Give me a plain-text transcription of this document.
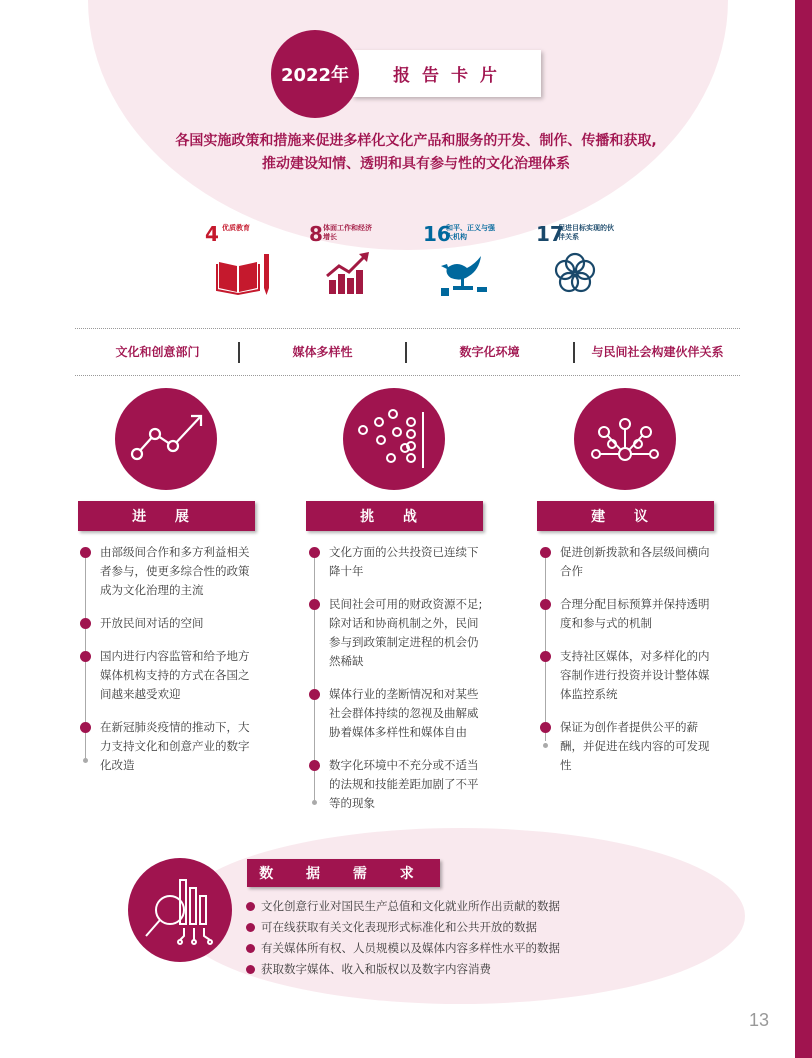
报 告 卡 片
2022年
各国实施政策和措施来促进多样化文化产品和服务的开发、制作、传播和获取,
推动建设知情、透明和具有参与性的文化治理体系
4 优质教育	8 体面工作和经济增长	16
和平、正义与强大机构	17
促进目标实现的伙伴关系
文化和创意部门	媒体多样性	数字化环境	与民间社会构建伙伴关系
进 展	挑 战	建 议
由部级间合作和多方利益相关者参与，使更多综合性的政策成为文化治理的主流
开放民间对话的空间
国内进行内容监管和给予地方媒体机构支持的方式在各国之间越来越受欢迎
在新冠肺炎疫情的推动下，大力支持文化和创意产业的数字化改造
文化方面的公共投资已连续下降十年
民间社会可用的财政资源不足;除对话和协商机制之外，民间参与到政策制定进程的机会仍然稀缺
媒体行业的垄断情况和对某些社会群体持续的忽视及曲解威胁着媒体多样性和媒体自由
数字化环境中不充分或不适当的法规和技能差距加剧了不平等的现象
促进创新拨款和各层级间横向合作
合理分配目标预算并保持透明度和参与式的机制
支持社区媒体，对多样化的内容制作进行投资并设计整体媒体监控系统
保证为创作者提供公平的薪酬，并促进在线内容的可发现性
数 据 需 求
文化创意行业对国民生产总值和文化就业所作出贡献的数据
可在线获取有关文化表现形式标准化和公共开放的数据
有关媒体所有权、人员规模以及媒体内容多样性水平的数据
获取数字媒体、收入和版权以及数字内容消费
13
